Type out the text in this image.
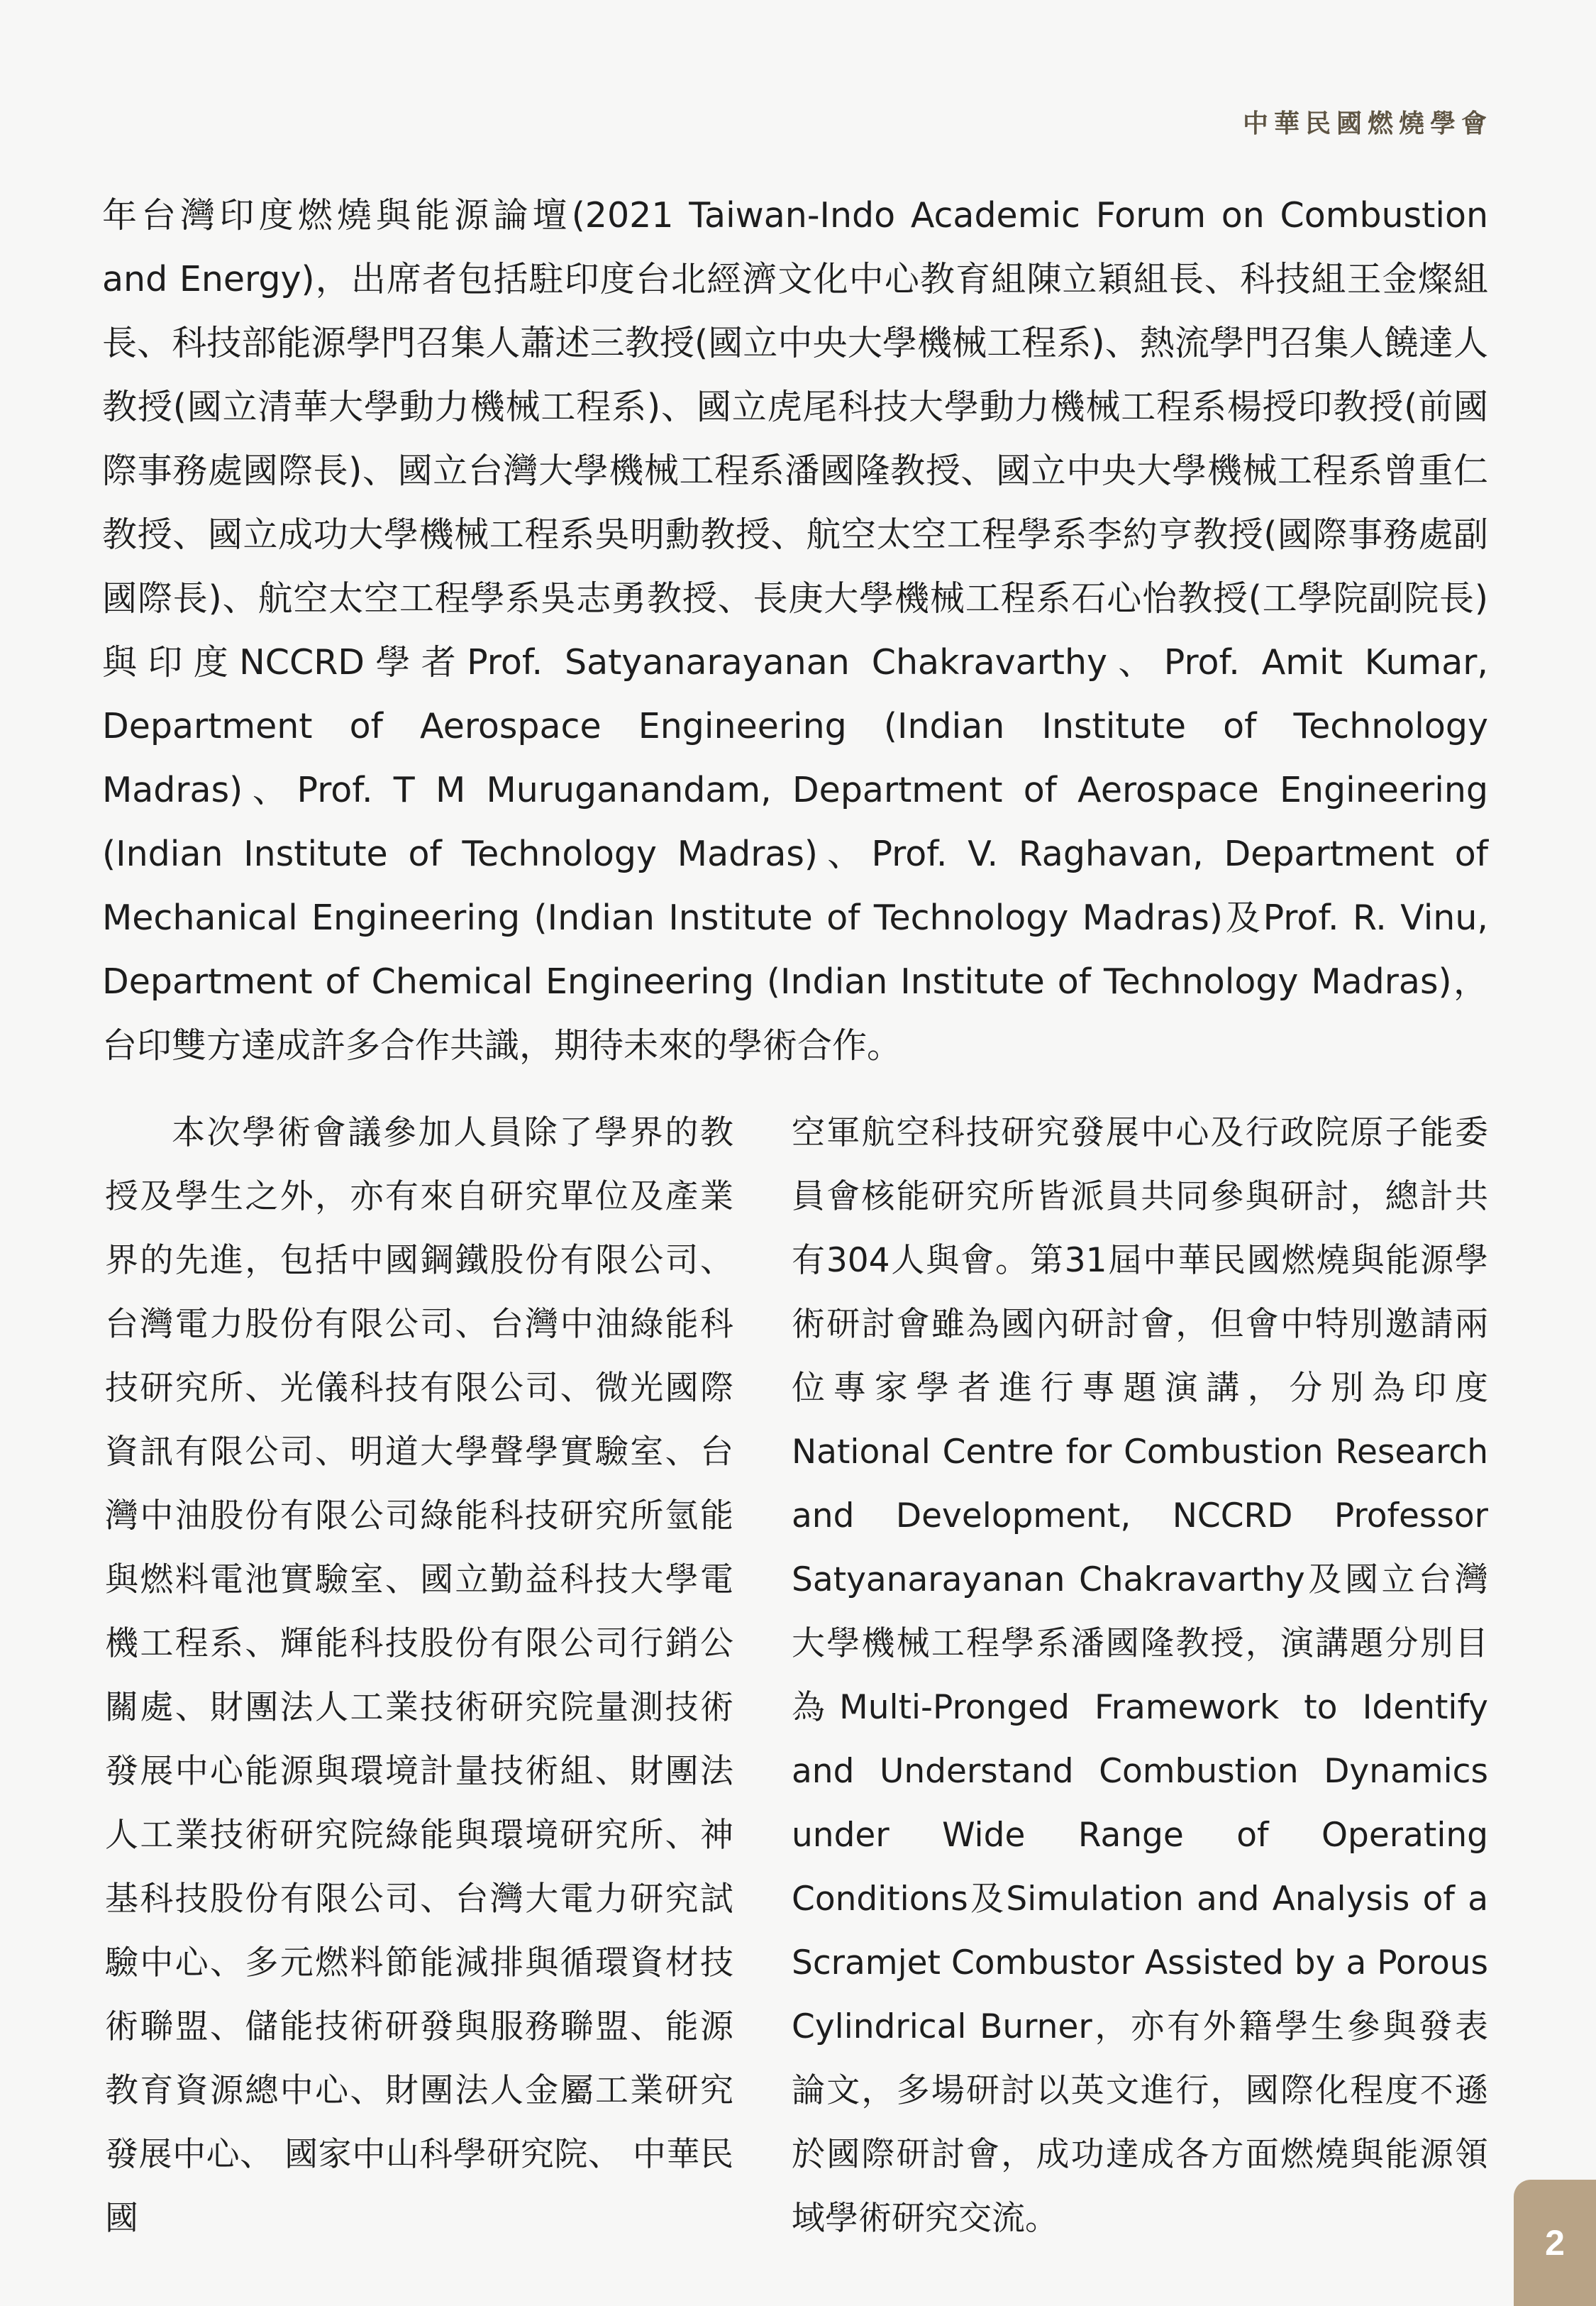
中華民國燃燒學會
年台灣印度燃燒與能源論壇(2021 Taiwan-Indo Academic Forum on Combustion and Energy)，出席者包括駐印度台北經濟文化中心教育組陳立穎組長、科技組王金燦組長、科技部能源學門召集人蕭述三教授(國立中央大學機械工程系)、熱流學門召集人饒達人教授(國立清華大學動力機械工程系)、國立虎尾科技大學動力機械工程系楊授印教授(前國際事務處國際長)、國立台灣大學機械工程系潘國隆教授、國立中央大學機械工程系曾重仁教授、國立成功大學機械工程系吳明勳教授、航空太空工程學系李約亨教授(國際事務處副國際長)、航空太空工程學系吳志勇教授、長庚大學機械工程系石心怡教授(工學院副院長)與印度NCCRD學者Prof. Satyanarayanan Chakravarthy、Prof. Amit Kumar, Department of Aerospace Engineering (Indian Institute of Technology Madras)、Prof. T M Muruganandam, Department of Aerospace Engineering (Indian Institute of Technology Madras)、Prof. V. Raghavan, Department of Mechanical Engineering (Indian Institute of Technology Madras)及Prof. R. Vinu, Department of Chemical Engineering (Indian Institute of Technology Madras)，台印雙方達成許多合作共識，期待未來的學術合作。
本次學術會議參加人員除了學界的教授及學生之外，亦有來自研究單位及產業界的先進，包括中國鋼鐵股份有限公司、台灣電力股份有限公司、台灣中油綠能科技研究所、光儀科技有限公司、微光國際資訊有限公司、明道大學聲學實驗室、台灣中油股份有限公司綠能科技研究所氫能與燃料電池實驗室、國立勤益科技大學電機工程系、輝能科技股份有限公司行銷公關處、財團法人工業技術研究院量測技術發展中心能源與環境計量技術組、財團法人工業技術研究院綠能與環境研究所、神基科技股份有限公司、台灣大電力研究試驗中心、多元燃料節能減排與循環資材技術聯盟、儲能技術研發與服務聯盟、能源教育資源總中心、財團法人金屬工業研究發展中心、 國家中山科學研究院、 中華民國
空軍航空科技研究發展中心及行政院原子能委員會核能研究所皆派員共同參與研討，總計共有304人與會。第31屆中華民國燃燒與能源學術研討會雖為國內研討會，但會中特別邀請兩位專家學者進行專題演講，分別為印度National Centre for Combustion Research and Development, NCCRD Professor Satyanarayanan Chakravarthy及國立台灣大學機械工程學系潘國隆教授，演講題分別目為Multi-Pronged Framework to Identify and Understand Combustion Dynamics under Wide Range of Operating Conditions及Simulation and Analysis of a Scramjet Combustor Assisted by a Porous Cylindrical Burner，亦有外籍學生參與發表論文，多場研討以英文進行，國際化程度不遜於國際研討會，成功達成各方面燃燒與能源領域學術研究交流。
2
